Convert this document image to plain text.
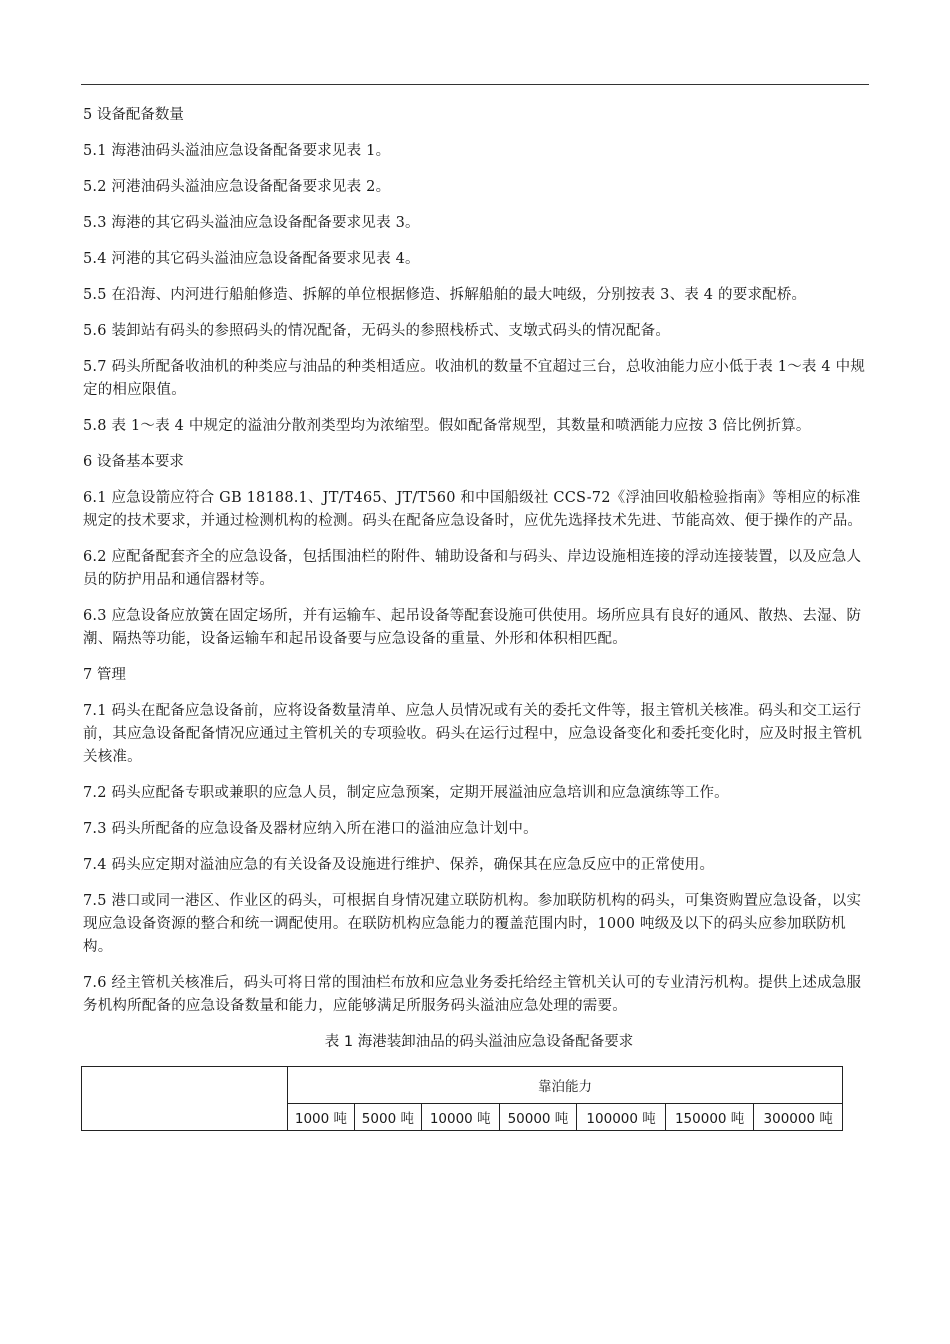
5 设备配备数量

5.1 海港油码头溢油应急设备配备要求见表 1。

5.2 河港油码头溢油应急设备配备要求见表 2。

5.3 海港的其它码头溢油应急设备配备要求见表 3。

5.4 河港的其它码头溢油应急设备配备要求见表 4。

5.5 在沿海、内河进行船舶修造、拆解的单位根据修造、拆解船舶的最大吨级，分别按表 3、表 4 的要求配桥。

5.6 装卸站有码头的参照码头的情况配备，无码头的参照栈桥式、支墩式码头的情况配备。

5.7 码头所配备收油机的种类应与油品的种类相适应。收油机的数量不宜超过三台，总收油能力应小低于表 1～表 4 中规定的相应限值。

5.8 表 1～表 4 中规定的溢油分散剂类型均为浓缩型。假如配备常规型，其数量和喷洒能力应按 3 倍比例折算。

6 设备基本要求

6.1 应急设箭应符合 GB 18188.1、JT/T465、JT/T560 和中国船级社 CCS-72《浮油回收船检验指南》等相应的标准规定的技术要求，并通过检测机构的检测。码头在配备应急设备时，应优先选择技术先进、节能高效、便于操作的产品。

6.2 应配备配套齐全的应急设备，包括围油栏的附件、辅助设备和与码头、岸边设施相连接的浮动连接装置，以及应急人员的防护用品和通信器材等。

6.3 应急设备应放簧在固定场所，并有运输车、起吊设备等配套设施可供使用。场所应具有良好的通风、散热、去湿、防潮、隔热等功能，设备运输车和起吊设备要与应急设备的重量、外形和体积相匹配。

7 管理

7.1 码头在配备应急设备前，应将设备数量清单、应急人员情况或有关的委托文件等，报主管机关核准。码头和交工运行前，其应急设备配备情况应通过主管机关的专项验收。码头在运行过程中，应急设备变化和委托变化时，应及时报主管机关核准。

7.2 码头应配备专职或兼职的应急人员，制定应急预案，定期开展溢油应急培训和应急演练等工作。

7.3 码头所配备的应急设备及器材应纳入所在港口的溢油应急计划中。

7.4 码头应定期对溢油应急的有关设备及设施进行维护、保养，确保其在应急反应中的正常使用。

7.5 港口或同一港区、作业区的码头，可根据自身情况建立联防机构。参加联防机构的码头，可集资购置应急设备，以实现应急设备资源的整合和统一调配使用。在联防机构应急能力的覆盖范围内时，1000 吨级及以下的码头应参加联防机构。

7.6 经主管机关核准后，码头可将日常的围油栏布放和应急业务委托给经主管机关认可的专业清污机构。提供上述成急服务机构所配备的应急设备数量和能力，应能够满足所服务码头溢油应急处理的需要。

表 1 海港装卸油品的码头溢油应急设备配备要求

	靠泊能力						
	1000 吨	5000 吨	10000 吨	50000 吨	100000 吨	150000 吨	300000 吨
